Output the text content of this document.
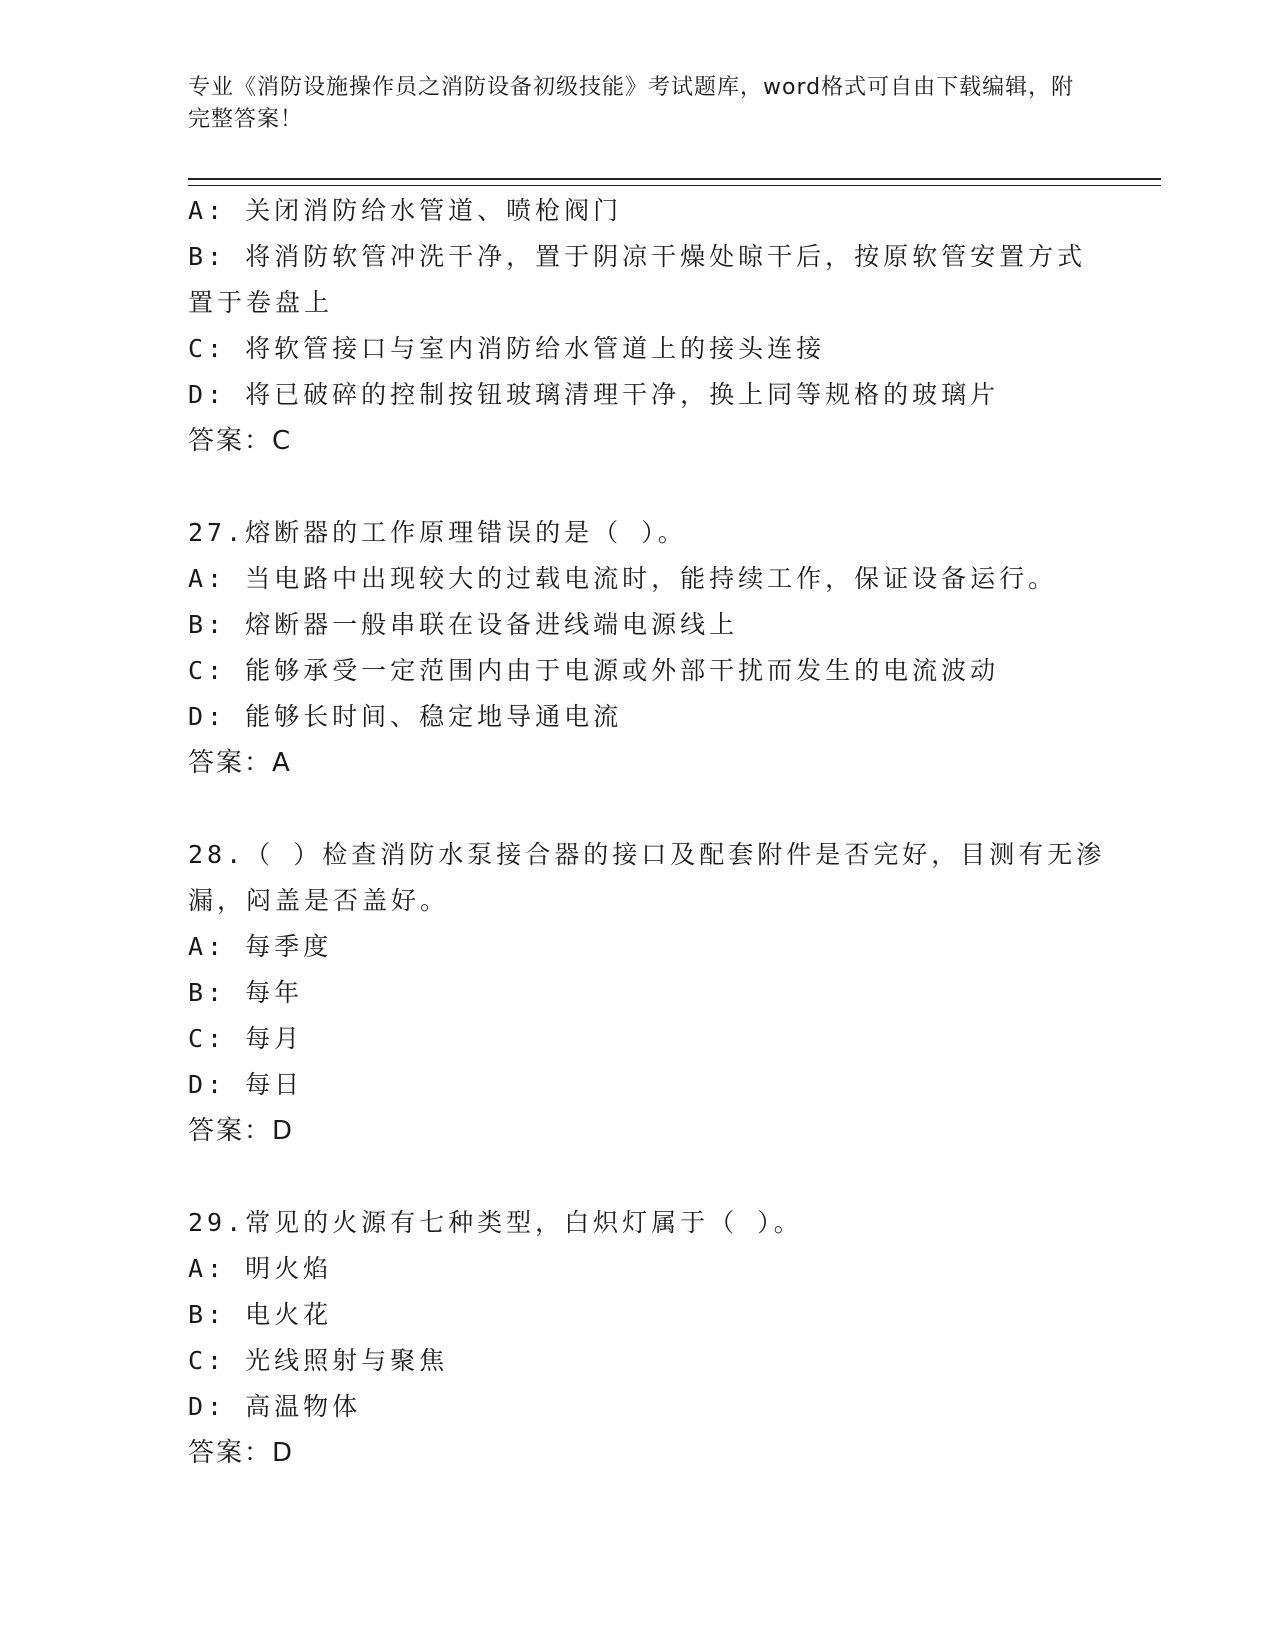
专业《消防设施操作员之消防设备初级技能》考试题库，word格式可自由下载编辑，附完整答案！
A: 关闭消防给水管道、喷枪阀门
B: 将消防软管冲洗干净，置于阴凉干燥处晾干后，按原软管安置方式置于卷盘上
C: 将软管接口与室内消防给水管道上的接头连接
D: 将已破碎的控制按钮玻璃清理干净，换上同等规格的玻璃片
答案：C
27.熔断器的工作原理错误的是（ ）。
A: 当电路中出现较大的过载电流时，能持续工作，保证设备运行。
B: 熔断器一般串联在设备进线端电源线上
C: 能够承受一定范围内由于电源或外部干扰而发生的电流波动
D: 能够长时间、稳定地导通电流
答案：A
28.（ ）检查消防水泵接合器的接口及配套附件是否完好，目测有无渗漏，闷盖是否盖好。
A: 每季度
B: 每年
C: 每月
D: 每日
答案：D
29.常见的火源有七种类型，白炽灯属于（ ）。
A: 明火焰
B: 电火花
C: 光线照射与聚焦
D: 高温物体
答案：D
